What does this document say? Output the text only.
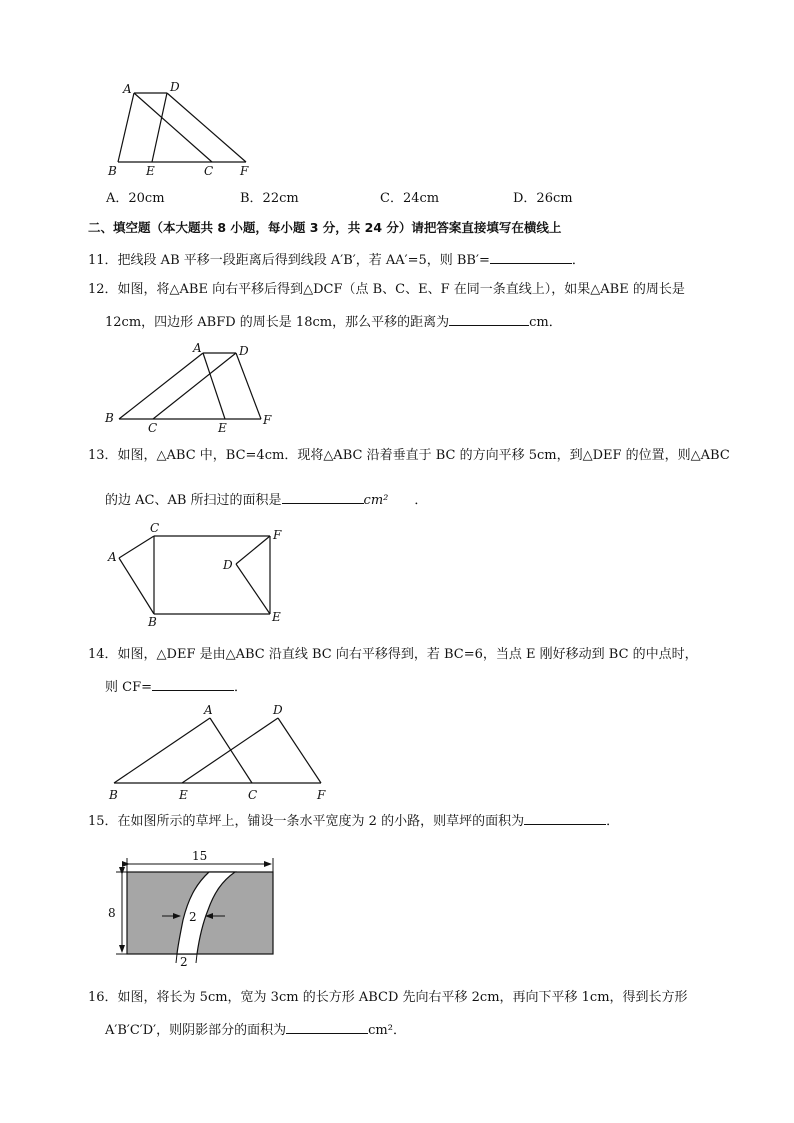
A	D
B E	C F
A．20cm	B．22cm	C．24cm	D．26cm
二、填空题（本大题共 8 小题，每小题 3 分，共 24 分）请把答案直接填写在横线上
11．把线段 AB 平移一段距离后得到线段 A′B′，若 AA′=5，则 BB′=	．
12．如图，将△ABE 向右平移后得到△DCF（点 B、C、E、F 在同一条直线上），如果△ABE 的周长是
12cm，四边形 ABFD 的周长是 18cm，那么平移的距离为	cm．
A	D
B
C	E
F
13．如图，△ABC 中，BC=4cm．现将△ABC 沿着垂直于 BC 的方向平移 5cm，到△DEF 的位置，则△ABC
的边 AC、AB 所扫过的面积是	cm² ．
C	F
A
D
B	E
14．如图，△DEF 是由△ABC 沿直线 BC 向右平移得到，若 BC=6，当点 E 刚好移动到 BC 的中点时，
则 CF=	．
A	D
B	E	C	F
15．在如图所示的草坪上，铺设一条水平宽度为 2 的小路，则草坪的面积为	．
15
8	2
2
16．如图，将长为 5cm，宽为 3cm 的长方形 ABCD 先向右平移 2cm，再向下平移 1cm，得到长方形
A′B′C′D′，则阴影部分的面积为	cm²．
